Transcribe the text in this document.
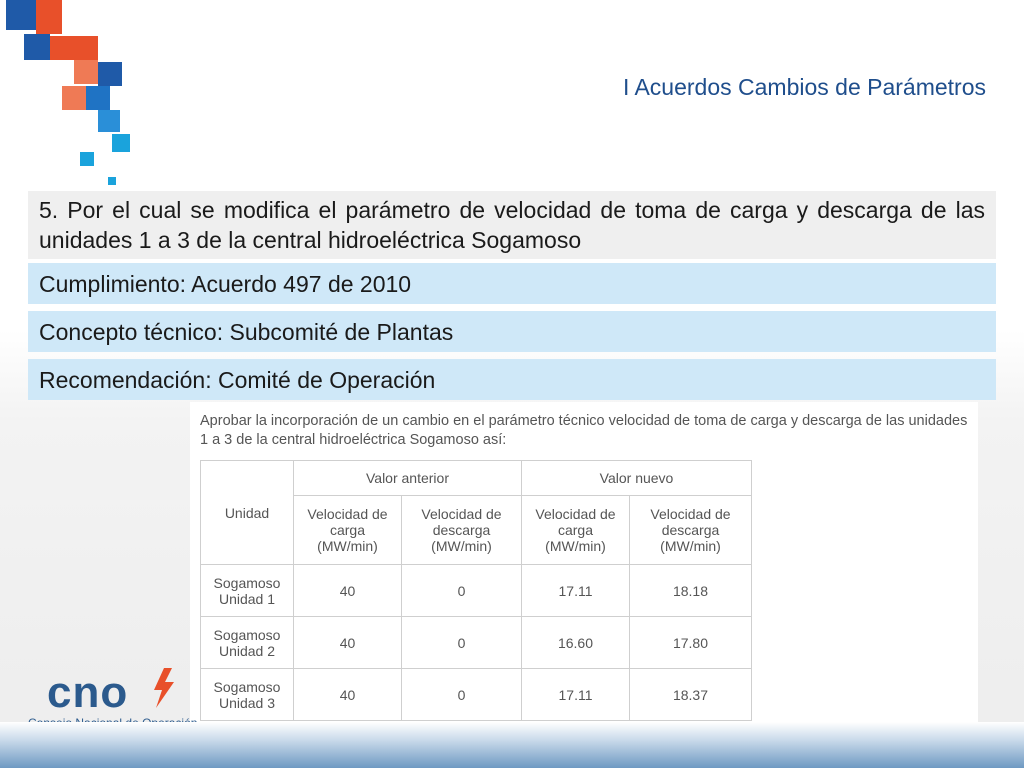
I Acuerdos Cambios de Parámetros
5. Por el cual se modifica el parámetro de velocidad de toma de carga y descarga de las unidades 1 a 3 de la central hidroeléctrica Sogamoso
Cumplimiento: Acuerdo 497 de 2010
Concepto técnico: Subcomité de Plantas
Recomendación: Comité de Operación
Aprobar la incorporación de un cambio en el parámetro técnico velocidad de toma de carga y descarga de las unidades 1 a 3 de la central hidroeléctrica Sogamoso así:
Unidad	Valor anterior		Valor nuevo	
	Velocidad de carga (MW/min)	Velocidad de descarga (MW/min)	Velocidad de carga (MW/min)	Velocidad de descarga (MW/min)
Sogamoso Unidad 1	40	0	17.11	18.18
Sogamoso Unidad 2	40	0	16.60	17.80
Sogamoso Unidad 3	40	0	17.11	18.37
cno
